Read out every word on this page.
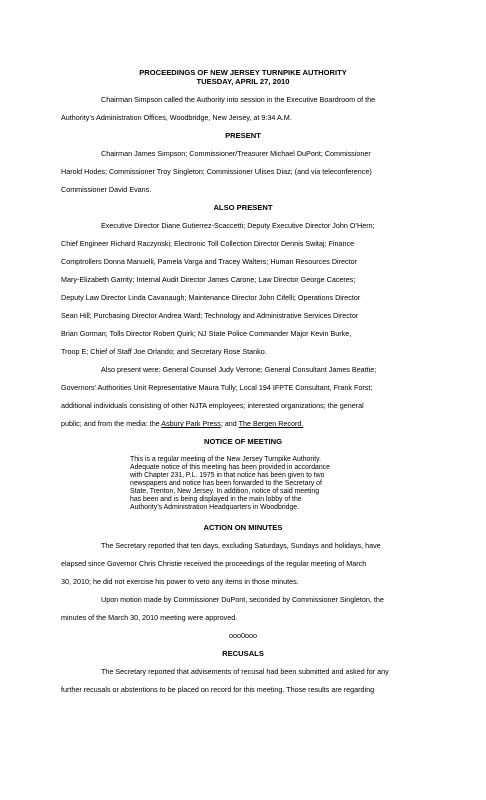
PROCEEDINGS OF NEW JERSEY TURNPIKE AUTHORITY
TUESDAY, APRIL 27, 2010
Chairman Simpson called the Authority into session in the Executive Boardroom of the
Authority’s Administration Offices, Woodbridge, New Jersey, at 9:34 A.M.
PRESENT
Chairman James Simpson; Commissioner/Treasurer Michael DuPont; Commissioner
Harold Hodes; Commissioner Troy Singleton; Commissioner Ulises Diaz; (and via teleconference)
Commissioner David Evans.
ALSO PRESENT
Executive Director Diane Gutierrez-Scaccetti; Deputy Executive Director John O’Hern;
Chief Engineer Richard Raczynski; Electronic Toll Collection Director Dennis Switaj; Finance
Comptrollers Donna Manuelli, Pamela Varga and Tracey Walters; Human Resources Director
Mary-Elizabeth Garrity; Internal Audit Director James Carone; Law Director George Caceres;
Deputy Law Director Linda Cavanaugh; Maintenance Director John Cifelli; Operations Director
Sean Hill; Purchasing Director Andrea Ward; Technology and Administrative Services Director
Brian Gorman; Tolls Director Robert Quirk; NJ State Police Commander Major Kevin Burke,
Troop E; Chief of Staff Joe Orlando; and Secretary Rose Stanko.
Also present were: General Counsel Judy Verrone; General Consultant James Beattie;
Governors’ Authorities Unit Representative Maura Tully; Local 194 IFPTE Consultant, Frank Forst;
additional individuals consisting of other NJTA employees; interested organizations; the general
public; and from the media: the Asbury Park Press; and The Bergen Record.
NOTICE OF MEETING
This is a regular meeting of the New Jersey Turnpike Authority.
Adequate notice of this meeting has been provided in accordance
with Chapter 231, P.L. 1975 in that notice has been given to two
newspapers and notice has been forwarded to the Secretary of
State, Trenton, New Jersey. In addition, notice of said meeting
has been and is being displayed in the main lobby of the
Authority’s Administration Headquarters in Woodbridge.
ACTION ON MINUTES
The Secretary reported that ten days, excluding Saturdays, Sundays and holidays, have
elapsed since Governor Chris Christie received the proceedings of the regular meeting of March
30, 2010; he did not exercise his power to veto any items in those minutes.
Upon motion made by Commissioner DuPont, seconded by Commissioner Singleton, the
minutes of the March 30, 2010 meeting were approved.
ooo0ooo
RECUSALS
The Secretary reported that advisements of recusal had been submitted and asked for any
further recusals or abstentions to be placed on record for this meeting. Those results are regarding
